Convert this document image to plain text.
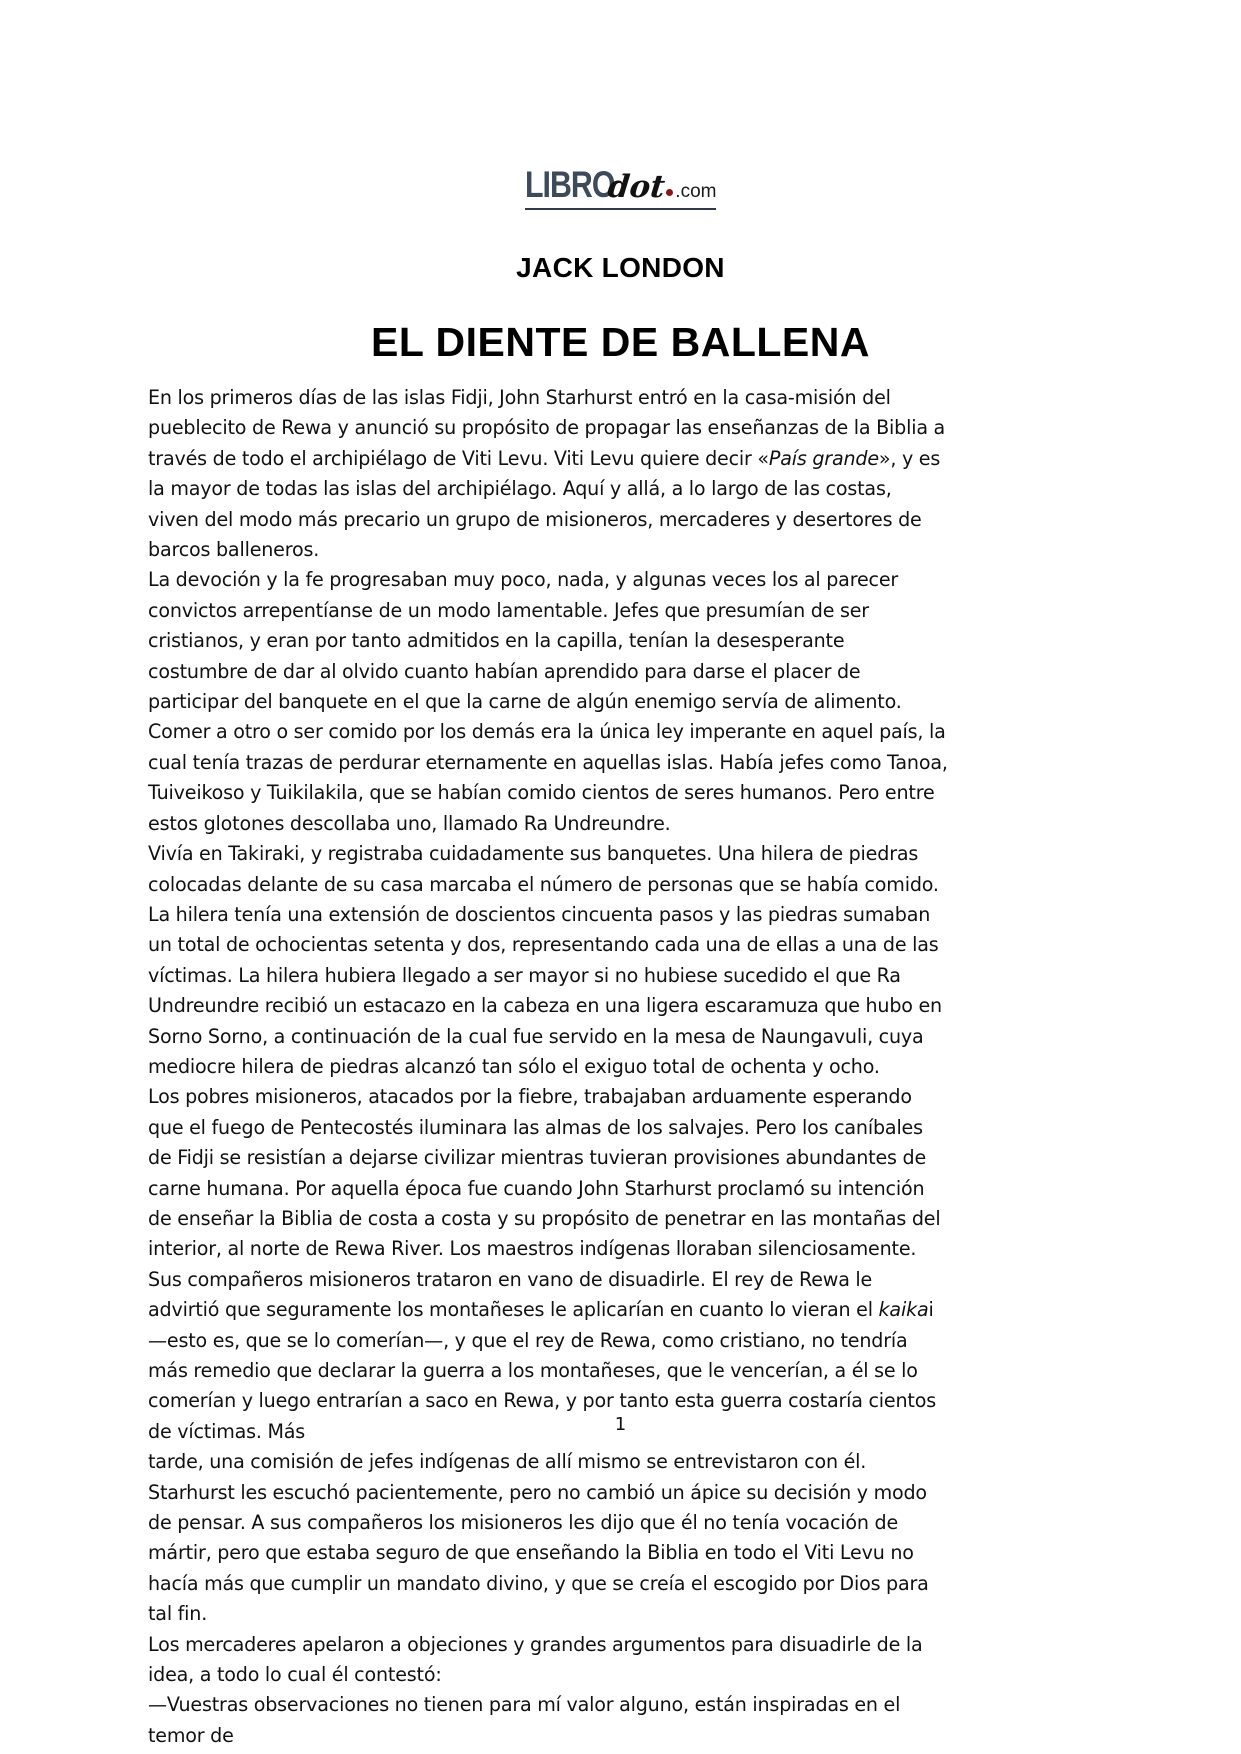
LIBROdot .com
JACK LONDON
EL DIENTE DE BALLENA

En los primeros días de las islas Fidji, John Starhurst entró en la casa-misión del pueblecito de Rewa y anunció su propósito de propagar las enseñanzas de la Biblia a través de todo el archipiélago de Viti Levu. Viti Levu quiere decir «País grande», y es la mayor de todas las islas del archipiélago. Aquí y allá, a lo largo de las costas, viven del modo más precario un grupo de misioneros, mercaderes y desertores de barcos balleneros.

La devoción y la fe progresaban muy poco, nada, y algunas veces los al parecer convictos arrepentíanse de un modo lamentable. Jefes que presumían de ser cristianos, y eran por tanto admitidos en la capilla, tenían la desesperante costumbre de dar al olvido cuanto habían aprendido para darse el placer de participar del banquete en el que la carne de algún enemigo servía de alimento. Comer a otro o ser comido por los demás era la única ley imperante en aquel país, la cual tenía trazas de perdurar eternamente en aquellas islas. Había jefes como Tanoa, Tuiveikoso y Tuikilakila, que se habían comido cientos de seres humanos. Pero entre estos glotones descollaba uno, llamado Ra Undreundre.

Vivía en Takiraki, y registraba cuidadamente sus banquetes. Una hilera de piedras colocadas delante de su casa marcaba el número de personas que se había comido. La hilera tenía una extensión de doscientos cincuenta pasos y las piedras sumaban un total de ochocientas setenta y dos, representando cada una de ellas a una de las víctimas. La hilera hubiera llegado a ser mayor si no hubiese sucedido el que Ra Undreundre recibió un estacazo en la cabeza en una ligera escaramuza que hubo en Sorno Sorno, a continuación de la cual fue servido en la mesa de Naungavuli, cuya mediocre hilera de piedras alcanzó tan sólo el exiguo total de ochenta y ocho.

Los pobres misioneros, atacados por la fiebre, trabajaban arduamente esperando que el fuego de Pentecostés iluminara las almas de los salvajes. Pero los caníbales de Fidji se resistían a dejarse civilizar mientras tuvieran provisiones abundantes de carne humana. Por aquella época fue cuando John Starhurst proclamó su intención de enseñar la Biblia de costa a costa y su propósito de penetrar en las montañas del interior, al norte de Rewa River. Los maestros indígenas lloraban silenciosamente.

Sus compañeros misioneros trataron en vano de disuadirle. El rey de Rewa le advirtió que seguramente los montañeses le aplicarían en cuanto lo vieran el kaikai —esto es, que se lo comerían—, y que el rey de Rewa, como cristiano, no tendría más remedio que declarar la guerra a los montañeses, que le vencerían, a él se lo comerían y luego entrarían a saco en Rewa, y por tanto esta guerra costaría cientos de víctimas. Más

tarde, una comisión de jefes indígenas de allí mismo se entrevistaron con él.

Starhurst les escuchó pacientemente, pero no cambió un ápice su decisión y modo de pensar. A sus compañeros los misioneros les dijo que él no tenía vocación de mártir, pero que estaba seguro de que enseñando la Biblia en todo el Viti Levu no hacía más que cumplir un mandato divino, y que se creía el escogido por Dios para tal fin.

Los mercaderes apelaron a objeciones y grandes argumentos para disuadirle de la idea, a todo lo cual él contestó:

—Vuestras observaciones no tienen para mí valor alguno, están inspiradas en el temor de

1
